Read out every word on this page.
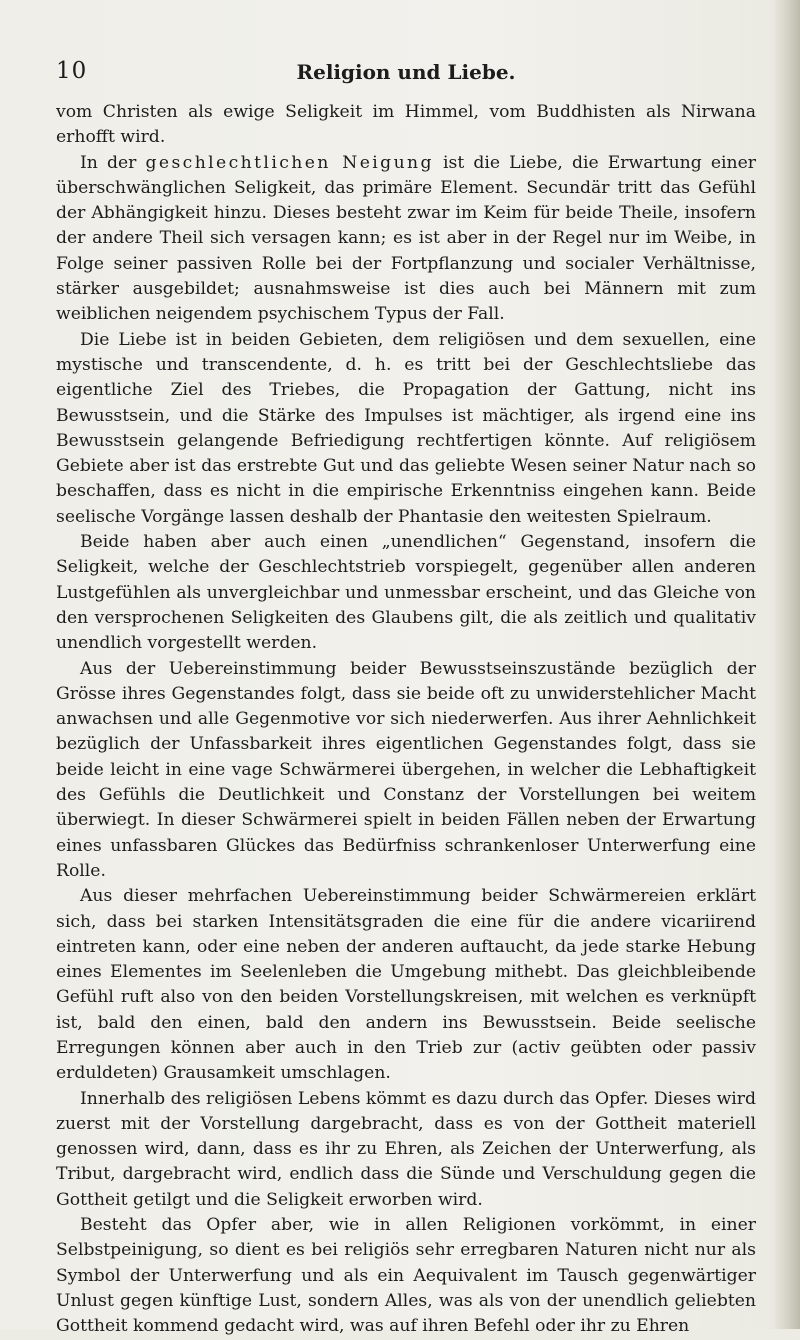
10	Religion und Liebe.

vom Christen als ewige Seligkeit im Himmel, vom Buddhisten als Nirwana erhofft wird.

In der geschlechtlichen Neigung ist die Liebe, die Erwartung einer überschwänglichen Seligkeit, das primäre Element. Secundär tritt das Gefühl der Abhängigkeit hinzu. Dieses besteht zwar im Keim für beide Theile, insofern der andere Theil sich versagen kann; es ist aber in der Regel nur im Weibe, in Folge seiner passiven Rolle bei der Fortpflanzung und socialer Verhältnisse, stärker ausgebildet; ausnahmsweise ist dies auch bei Männern mit zum weiblichen neigendem psychischem Typus der Fall.

Die Liebe ist in beiden Gebieten, dem religiösen und dem sexuellen, eine mystische und transcendente, d. h. es tritt bei der Geschlechtsliebe das eigentliche Ziel des Triebes, die Propagation der Gattung, nicht ins Bewusstsein, und die Stärke des Impulses ist mächtiger, als irgend eine ins Bewusstsein gelangende Befriedigung rechtfertigen könnte. Auf religiösem Gebiete aber ist das erstrebte Gut und das geliebte Wesen seiner Natur nach so beschaffen, dass es nicht in die empirische Erkenntniss eingehen kann. Beide seelische Vorgänge lassen deshalb der Phantasie den weitesten Spielraum.

Beide haben aber auch einen „unendlichen“ Gegenstand, insofern die Seligkeit, welche der Geschlechtstrieb vorspiegelt, gegenüber allen anderen Lustgefühlen als unvergleichbar und unmessbar erscheint, und das Gleiche von den versprochenen Seligkeiten des Glaubens gilt, die als zeitlich und qualitativ unendlich vorgestellt werden.

Aus der Uebereinstimmung beider Bewusstseinszustände bezüglich der Grösse ihres Gegenstandes folgt, dass sie beide oft zu unwiderstehlicher Macht anwachsen und alle Gegenmotive vor sich niederwerfen. Aus ihrer Aehnlichkeit bezüglich der Unfassbarkeit ihres eigentlichen Gegenstandes folgt, dass sie beide leicht in eine vage Schwärmerei übergehen, in welcher die Lebhaftigkeit des Gefühls die Deutlichkeit und Constanz der Vorstellungen bei weitem überwiegt. In dieser Schwärmerei spielt in beiden Fällen neben der Erwartung eines unfassbaren Glückes das Bedürfniss schrankenloser Unterwerfung eine Rolle.

Aus dieser mehrfachen Uebereinstimmung beider Schwärmereien erklärt sich, dass bei starken Intensitätsgraden die eine für die andere vicariirend eintreten kann, oder eine neben der anderen auftaucht, da jede starke Hebung eines Elementes im Seelenleben die Umgebung mithebt. Das gleichbleibende Gefühl ruft also von den beiden Vorstellungskreisen, mit welchen es verknüpft ist, bald den einen, bald den andern ins Bewusstsein. Beide seelische Erregungen können aber auch in den Trieb zur (activ geübten oder passiv erduldeten) Grausamkeit umschlagen.

Innerhalb des religiösen Lebens kömmt es dazu durch das Opfer. Dieses wird zuerst mit der Vorstellung dargebracht, dass es von der Gottheit materiell genossen wird, dann, dass es ihr zu Ehren, als Zeichen der Unterwerfung, als Tribut, dargebracht wird, endlich dass die Sünde und Verschuldung gegen die Gottheit getilgt und die Seligkeit erworben wird.

Besteht das Opfer aber, wie in allen Religionen vorkömmt, in einer Selbstpeinigung, so dient es bei religiös sehr erregbaren Naturen nicht nur als Symbol der Unterwerfung und als ein Aequivalent im Tausch gegenwärtiger Unlust gegen künftige Lust, sondern Alles, was als von der unendlich geliebten Gottheit kommend gedacht wird, was auf ihren Befehl oder ihr zu Ehren
